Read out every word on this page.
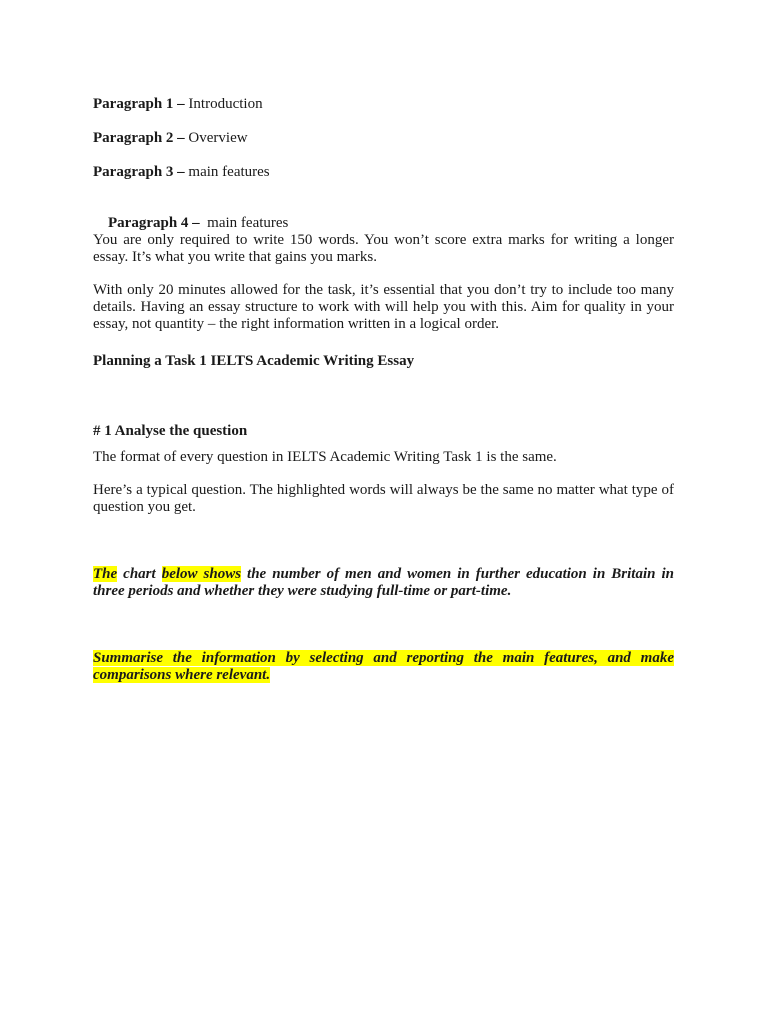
Paragraph 1 – Introduction

Paragraph 2 – Overview

Paragraph 3 – main features

Paragraph 4 –  main features

You are only required to write 150 words. You won’t score extra marks for writing a longer essay. It’s what you write that gains you marks.

With only 20 minutes allowed for the task, it’s essential that you don’t try to include too many details. Having an essay structure to work with will help you with this. Aim for quality in your essay, not quantity – the right information written in a logical order.

Planning a Task 1 IELTS Academic Writing Essay

# 1 Analyse the question

The format of every question in IELTS Academic Writing Task 1 is the same.

Here’s a typical question. The highlighted words will always be the same no matter what type of question you get.

The chart below shows the number of men and women in further education in Britain in three periods and whether they were studying full-time or part-time.

Summarise the information by selecting and reporting the main features, and make comparisons where relevant.
